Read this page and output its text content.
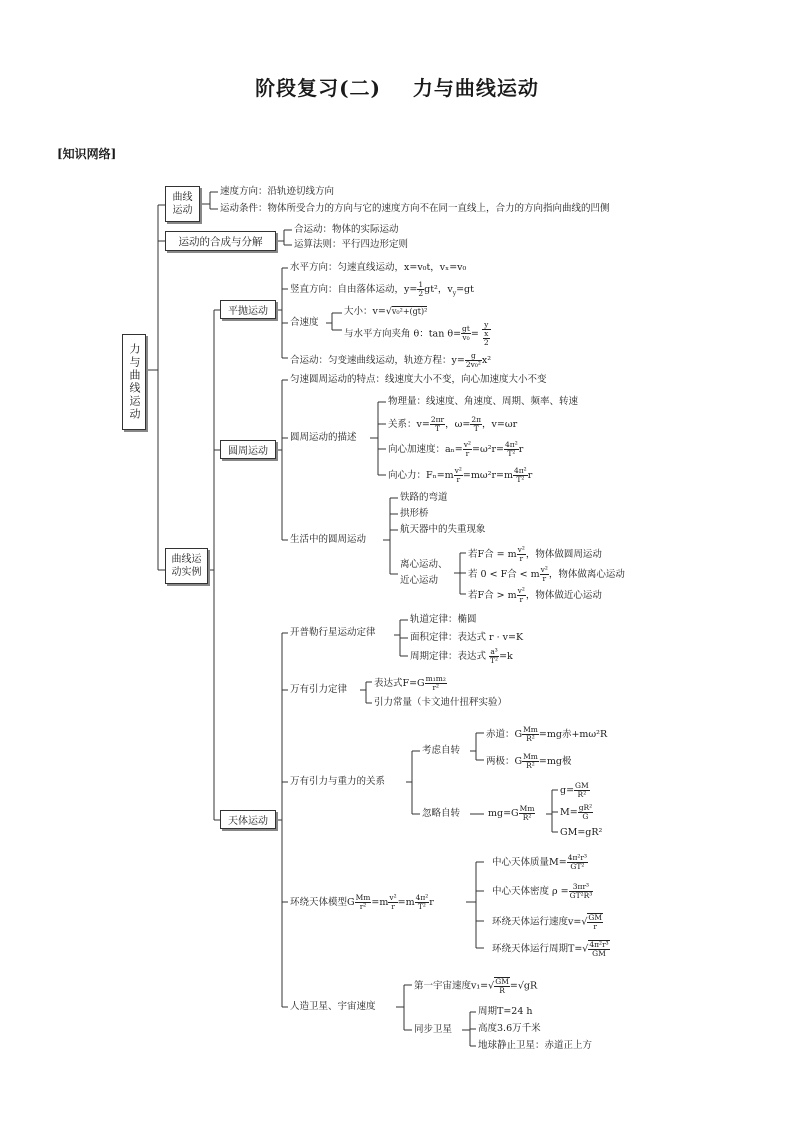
阶段复习(二) 力与曲线运动
[知识网络]
力与曲线运动
曲线运动
速度方向：沿轨迹切线方向
运动条件：物体所受合力的方向与它的速度方向不在同一直线上，合力的方向指向曲线的凹侧
运动的合成与分解
合运动：物体的实际运动
运算法则：平行四边形定则
曲线运动实例
平抛运动
水平方向：匀速直线运动，x=v₀t，vₓ=v₀
竖直方向：自由落体运动，$y= \frac{1}{2} gt^2$，$v_y=gt$
合速度
大小：v=√v₀²+(gt)²
与水平方向夹角 θ：$\tan \theta= \frac{gt}{\text{v₀}} = \frac{y}{\frac{x}{2}}$
合运动：匀变速曲线运动，轨迹方程：$y= \frac{g}{\text{2v₀²}} x^2$
圆周运动
匀速圆周运动的特点：线速度大小不变，向心加速度大小不变
圆周运动的描述
物理量：线速度、角速度、周期、频率、转速
关系：$v= \frac{2\pi r}{T}$ ，$\omega= \frac{2\pi}{T}$ ，v=ωr
向心加速度：$a_n= \frac{\text{v²}}{r} =\omega^2r= \frac{\text{4π²}}{\text{T²}}$ r
向心力：$F_n=m \frac{\text{v²}}{r} =m\omega^2r=m \frac{\text{4π²}}{\text{T²}}$ r
生活中的圆周运动
铁路的弯道
拱形桥
航天器中的失重现象
离心运动、
近心运动
若F合 = m $\frac{\text{v²}}{r}$ ，物体做圆周运动
若 0 < F合 < m $\frac{\text{v²}}{r}$ ，物体做离心运动
若F合 > m $\frac{\text{v²}}{r}$ ，物体做近心运动
天体运动
开普勒行星运动定律
轨道定律：椭圆
面积定律：表达式 r · v=K
周期定律：表达式 $\frac{\text{a³}}{\text{T²}} =k$
万有引力定律
表达式$F=G \frac{\text{m₁m₂}}{\text{r²}}$
引力常量（卡文迪什扭秤实验）
万有引力与重力的关系
考虑自转
赤道：G $\frac{Mm}{\text{R²}} =mg$赤+mω²R
两极：G $\frac{Mm}{\text{R²}} =mg$极
忽略自转	$mg=G \frac{Mm}{\text{R²}}$
$g= \frac{GM}{\text{R²}}$
$M= \frac{\text{gR²}}{G}$
GM=gR²
环绕天体模型G $\frac{Mm}{\text{r²}} =m \frac{\text{v²}}{r} =m \frac{\text{4π²}}{\text{T²}}$ r
中心天体质量$M= \frac{\text{4π²r³}}{\text{GT²}}$
中心天体密度 $\rho = \frac{\text{3πr³}}{\text{GT²R³}}$
环绕天体运行速度$v=√ \frac{GM}{r}$
环绕天体运行周期$T=√ \frac{\text{4π²r³}}{GM}$
人造卫星、宇宙速度
第一宇宙速度$v_1=√ \frac{GM}{R} =√gR$
同步卫星
周期T=24 h
高度3.6万千米
地球静止卫星：赤道正上方
